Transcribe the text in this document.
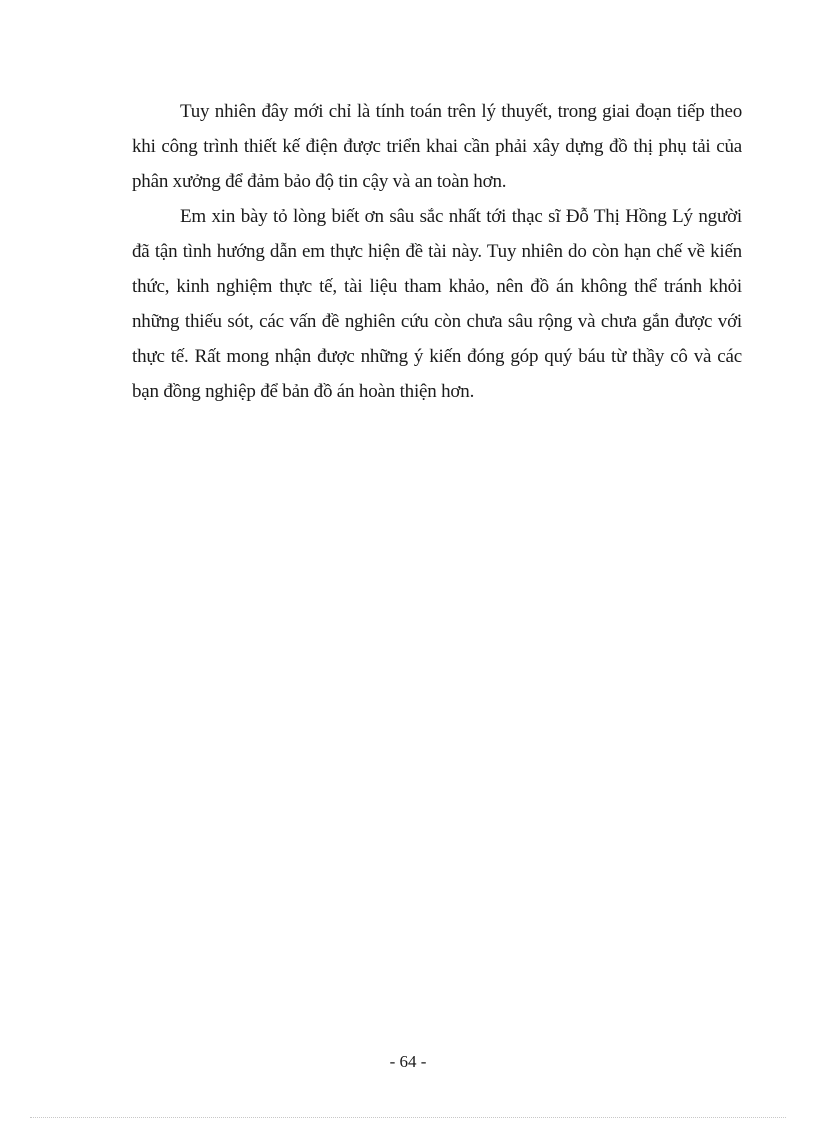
Tuy nhiên đây mới chỉ là tính toán trên lý thuyết, trong giai đoạn tiếp theo khi công trình thiết kế điện được triển khai cần phải xây dựng đồ thị phụ tải của phân xưởng để đảm bảo độ tin cậy và an toàn hơn.

Em xin bày tỏ lòng biết ơn sâu sắc nhất tới thạc sĩ Đỗ Thị Hồng Lý người đã tận tình hướng dẫn em thực hiện đề tài này. Tuy nhiên do còn hạn chế về kiến thức, kinh nghiệm thực tế, tài liệu tham khảo, nên đồ án không thể tránh khỏi những thiếu sót, các vấn đề nghiên cứu còn chưa sâu rộng và chưa gắn được với thực tế. Rất mong nhận được những ý kiến đóng góp quý báu từ thầy cô và các bạn đồng nghiệp để bản đồ án hoàn thiện hơn.

- 64 -
